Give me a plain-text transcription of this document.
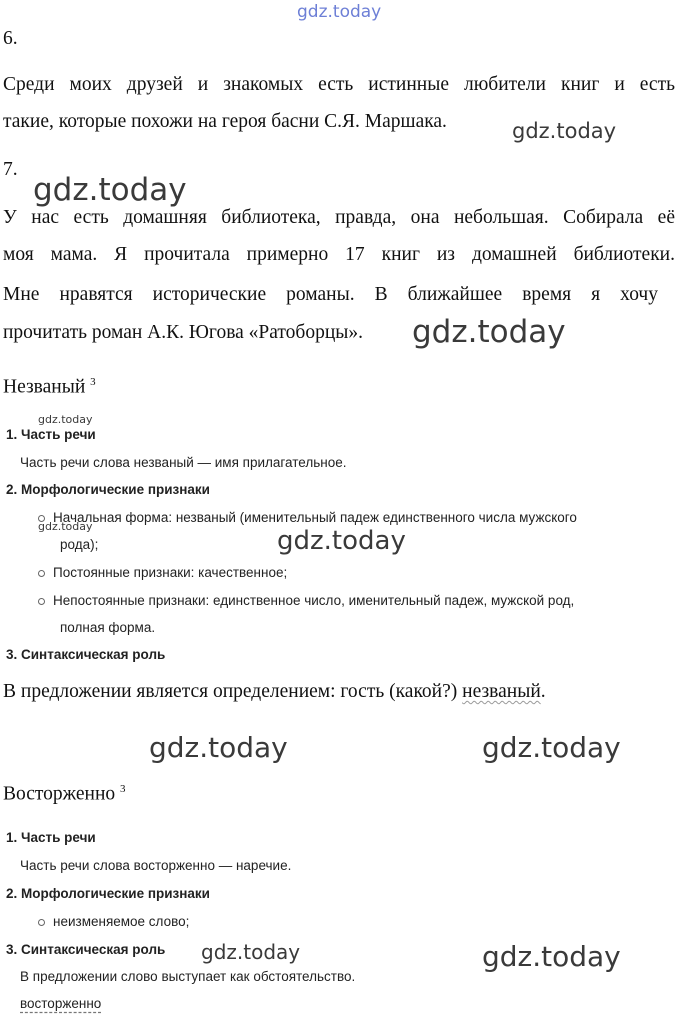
gdz.today
6.
Среди моих друзей и знакомых есть истинные любители книг и есть
такие, которые похожи на героя басни С.Я. Маршака.	gdz.today
7.
gdz.today
У нас есть домашняя библиотека, правда, она небольшая. Собирала её
моя мама. Я прочитала примерно 17 книг из домашней библиотеки.
Мне нравятся исторические романы. В ближайшее время я хочу
прочитать роман А.К. Югова «Ратоборцы». gdz.today
Незваный $^3$
gdz.today
1. Часть речи
Часть речи слова незваный — имя прилагательное.
2. Морфологические признаки
Начальная форма: незваный (именительный падеж единственного числа мужского
gdz.today
рода);	gdz.today
Постоянные признаки: качественное;
Непостоянные признаки: единственное число, именительный падеж, мужской род,
полная форма.
3. Синтаксическая роль
В предложении является определением: гость (какой?) незваный.
gdz.today	gdz.today
Восторженно $^3$
1. Часть речи
Часть речи слова восторженно — наречие.
2. Морфологические признаки
неизменяемое слово;
3. Синтаксическая роль gdz.today	gdz.today
В предложении слово выступает как обстоятельство.
восторженно
